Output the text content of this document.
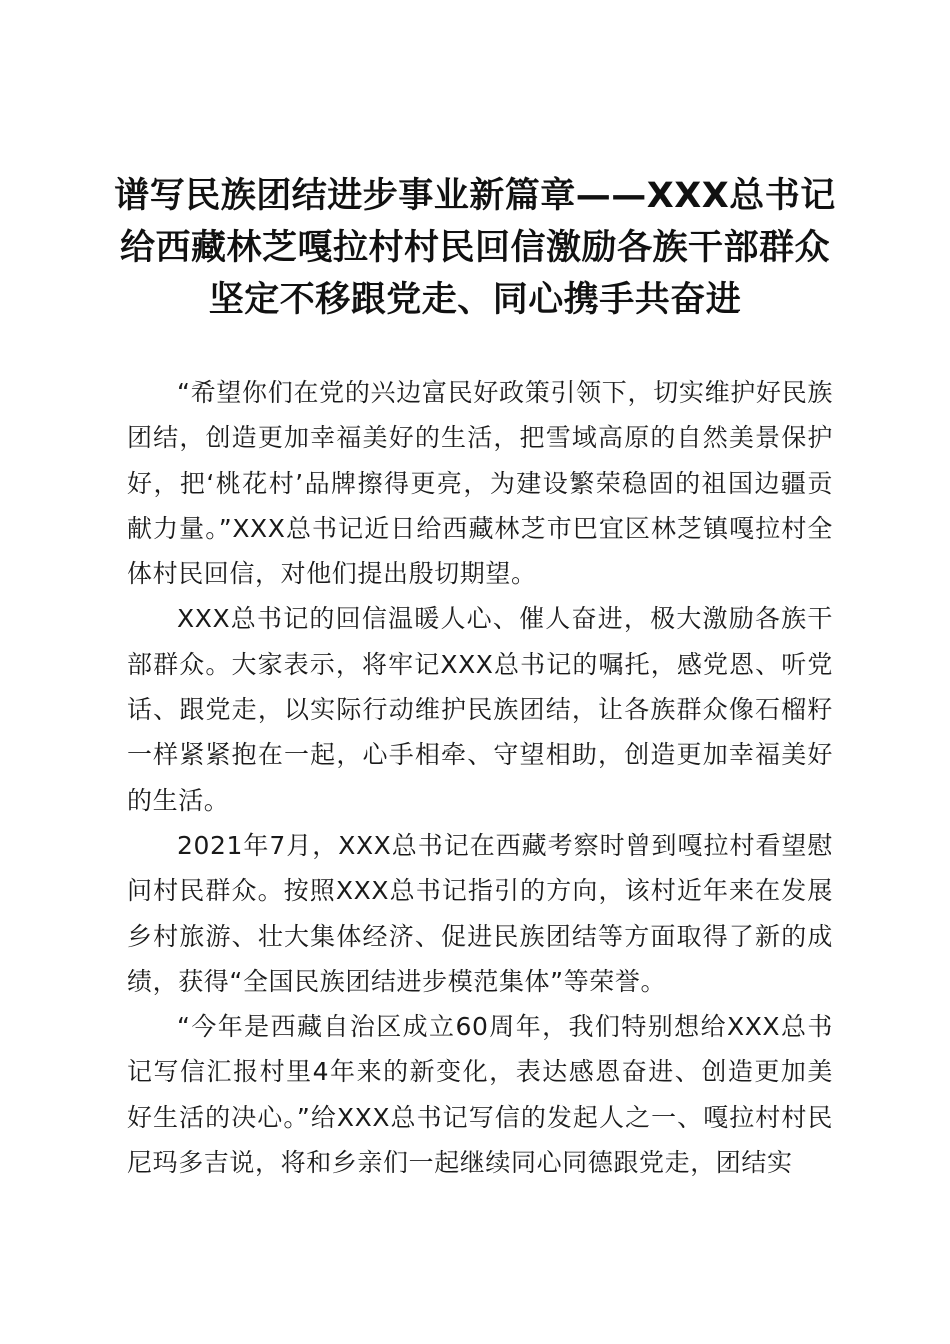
谱写民族团结进步事业新篇章——XXX总书记给西藏林芝嘎拉村村民回信激励各族干部群众坚定不移跟党走、同心携手共奋进

“希望你们在党的兴边富民好政策引领下，切实维护好民族团结，创造更加幸福美好的生活，把雪域高原的自然美景保护好，把‘桃花村’品牌擦得更亮，为建设繁荣稳固的祖国边疆贡献力量。”XXX总书记近日给西藏林芝市巴宜区林芝镇嘎拉村全体村民回信，对他们提出殷切期望。

XXX总书记的回信温暖人心、催人奋进，极大激励各族干部群众。大家表示，将牢记XXX总书记的嘱托，感党恩、听党话、跟党走，以实际行动维护民族团结，让各族群众像石榴籽一样紧紧抱在一起，心手相牵、守望相助，创造更加幸福美好的生活。

2021年7月，XXX总书记在西藏考察时曾到嘎拉村看望慰问村民群众。按照XXX总书记指引的方向，该村近年来在发展乡村旅游、壮大集体经济、促进民族团结等方面取得了新的成绩，获得“全国民族团结进步模范集体”等荣誉。

“今年是西藏自治区成立60周年，我们特别想给XXX总书记写信汇报村里4年来的新变化，表达感恩奋进、创造更加美好生活的决心。”给XXX总书记写信的发起人之一、嘎拉村村民尼玛多吉说，将和乡亲们一起继续同心同德跟党走，团结实
